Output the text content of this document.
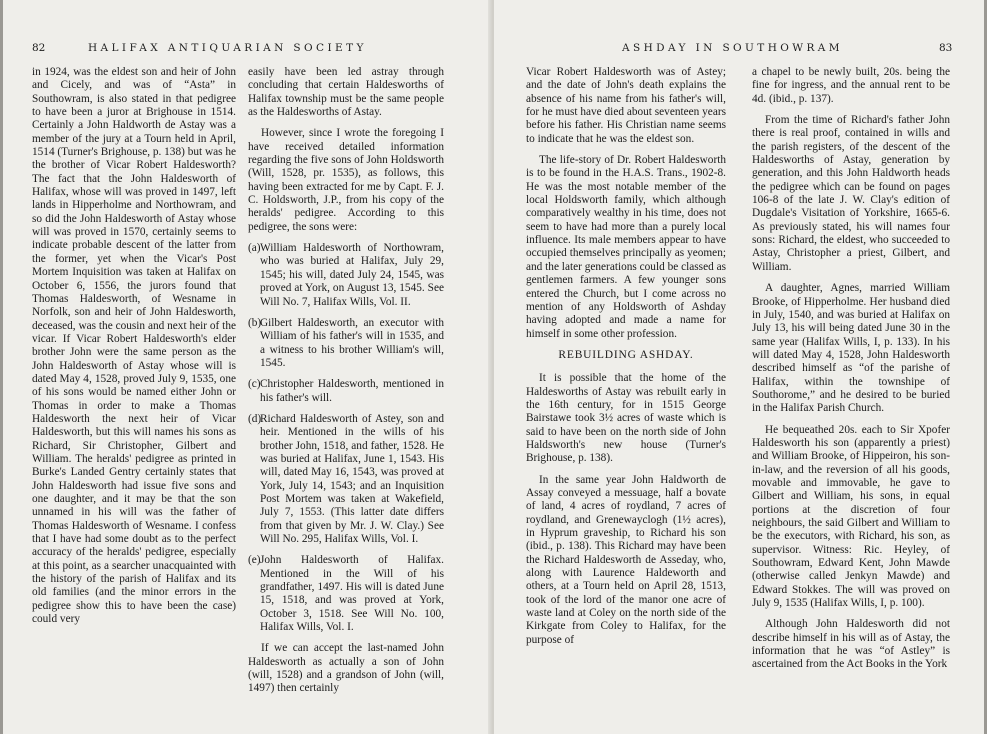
82	HALIFAX ANTIQUARIAN SOCIETY

in 1924, was the eldest son and heir of John and Cicely, and was of “Asta” in Southowram, is also stated in that pedigree to have been a juror at Brighouse in 1514. Certainly a John Haldworth de Astay was a member of the jury at a Tourn held in April, 1514 (Turner's Brighouse, p. 138) but was he the brother of Vicar Robert Haldesworth? The fact that the John Haldesworth of Halifax, whose will was proved in 1497, left lands in Hipperholme and Northowram, and so did the John Haldesworth of Astay whose will was proved in 1570, certainly seems to indicate probable descent of the latter from the former, yet when the Vicar's Post Mortem Inquisition was taken at Halifax on October 6, 1556, the jurors found that Thomas Haldesworth, of Wesname in Norfolk, son and heir of John Haldesworth, deceased, was the cousin and next heir of the vicar. If Vicar Robert Haldesworth's elder brother John were the same person as the John Haldesworth of Astay whose will is dated May 4, 1528, proved July 9, 1535, one of his sons would be named either John or Thomas in order to make a Thomas Haldesworth the next heir of Vicar Haldesworth, but this will names his sons as Richard, Sir Christopher, Gilbert and William. The heralds' pedigree as printed in Burke's Landed Gentry certainly states that John Haldesworth had issue five sons and one daughter, and it may be that the son unnamed in his will was the father of Thomas Haldesworth of Wesname. I confess that I have had some doubt as to the perfect accuracy of the heralds' pedigree, especially at this point, as a searcher unacquainted with the history of the parish of Halifax and its old families (and the minor errors in the pedigree show this to have been the case) could very

easily have been led astray through concluding that certain Haldesworths of Halifax township must be the same people as the Haldesworths of Astay.

However, since I wrote the foregoing I have received detailed information regarding the five sons of John Holdsworth (Will, 1528, pr. 1535), as follows, this having been extracted for me by Capt. F. J. C. Holdsworth, J.P., from his copy of the heralds' pedigree. According to this pedigree, the sons were:

(a) William Haldesworth of Northowram, who was buried at Halifax, July 29, 1545; his will, dated July 24, 1545, was proved at York, on August 13, 1545. See Will No. 7, Halifax Wills, Vol. II.

(b)
Gilbert Haldesworth, an executor with William of his father's will in 1535, and a witness to his brother William's will, 1545.

(c) Christopher Haldesworth, mentioned in his father's will.

(d)
Richard Haldesworth of Astey, son and heir. Mentioned in the wills of his brother John, 1518, and father, 1528. He was buried at Halifax, June 1, 1543. His will, dated May 16, 1543, was proved at York, July 14, 1543; and an Inquisition Post Mortem was taken at Wakefield, July 7, 1553. (This latter date differs from that given by Mr. J. W. Clay.) See Will No. 295, Halifax Wills, Vol. I.

(e) John Haldesworth of Halifax. Mentioned in the Will of his grandfather, 1497. His will is dated June 15, 1518, and was proved at York, October 3, 1518. See Will No. 100, Halifax Wills, Vol. I.

If we can accept the last-named John Haldesworth as actually a son of John (will, 1528) and a grandson of John (will, 1497) then certainly

ASHDAY IN SOUTHOWRAM	83

Vicar Robert Haldesworth was of Astey; and the date of John's death explains the absence of his name from his father's will, for he must have died about seventeen years before his father. His Christian name seems to indicate that he was the eldest son.

The life-story of Dr. Robert Haldesworth is to be found in the H.A.S. Trans., 1902-8. He was the most notable member of the local Holdsworth family, which although comparatively wealthy in his time, does not seem to have had more than a purely local influence. Its male members appear to have occupied themselves principally as yeomen; and the later generations could be classed as gentlemen farmers. A few younger sons entered the Church, but I come across no mention of any Holdsworth of Ashday having adopted and made a name for himself in some other profession.

REBUILDING ASHDAY.

It is possible that the home of the Haldesworths of Astay was rebuilt early in the 16th century, for in 1515 George Bairstawe took 3½ acres of waste which is said to have been on the north side of John Haldsworth's new house (Turner's Brighouse, p. 138).

In the same year John Haldworth de Assay conveyed a messuage, half a bovate of land, 4 acres of roydland, 7 acres of roydland, and Grenewayclogh (1½ acres), in Hyprum graveship, to Richard his son (ibid., p. 138). This Richard may have been the Richard Haldesworth de Asseday, who, along with Laurence Haldeworth and others, at a Tourn held on April 28, 1513, took of the lord of the manor one acre of waste land at Coley on the north side of the Kirkgate from Coley to Halifax, for the purpose of

a chapel to be newly built, 20s. being the fine for ingress, and the annual rent to be 4d. (ibid., p. 137).

From the time of Richard's father John there is real proof, contained in wills and the parish registers, of the descent of the Haldesworths of Astay, generation by generation, and this John Haldworth heads the pedigree which can be found on pages 106-8 of the late J. W. Clay's edition of Dugdale's Visitation of Yorkshire, 1665-6. As previously stated, his will names four sons: Richard, the eldest, who succeeded to Astay, Christopher a priest, Gilbert, and William.

A daughter, Agnes, married William Brooke, of Hipperholme. Her husband died in July, 1540, and was buried at Halifax on July 13, his will being dated June 30 in the same year (Halifax Wills, I, p. 133). In his will dated May 4, 1528, John Haldesworth described himself as “of the parishe of Halifax, within the townshipe of Southorome,” and he desired to be buried in the Halifax Parish Church.

He bequeathed 20s. each to Sir Xpofer Haldesworth his son (apparently a priest) and William Brooke, of Hippeiron, his son-in-law, and the reversion of all his goods, movable and immovable, he gave to Gilbert and William, his sons, in equal portions at the discretion of four neighbours, the said Gilbert and William to be the executors, with Richard, his son, as supervisor. Witness: Ric. Heyley, of Southowram, Edward Kent, John Mawde (otherwise called Jenkyn Mawde) and Edward Stokkes. The will was proved on July 9, 1535 (Halifax Wills, I, p. 100).

Although John Haldesworth did not describe himself in his will as of Astay, the information that he was “of Astley” is ascertained from the Act Books in the York
